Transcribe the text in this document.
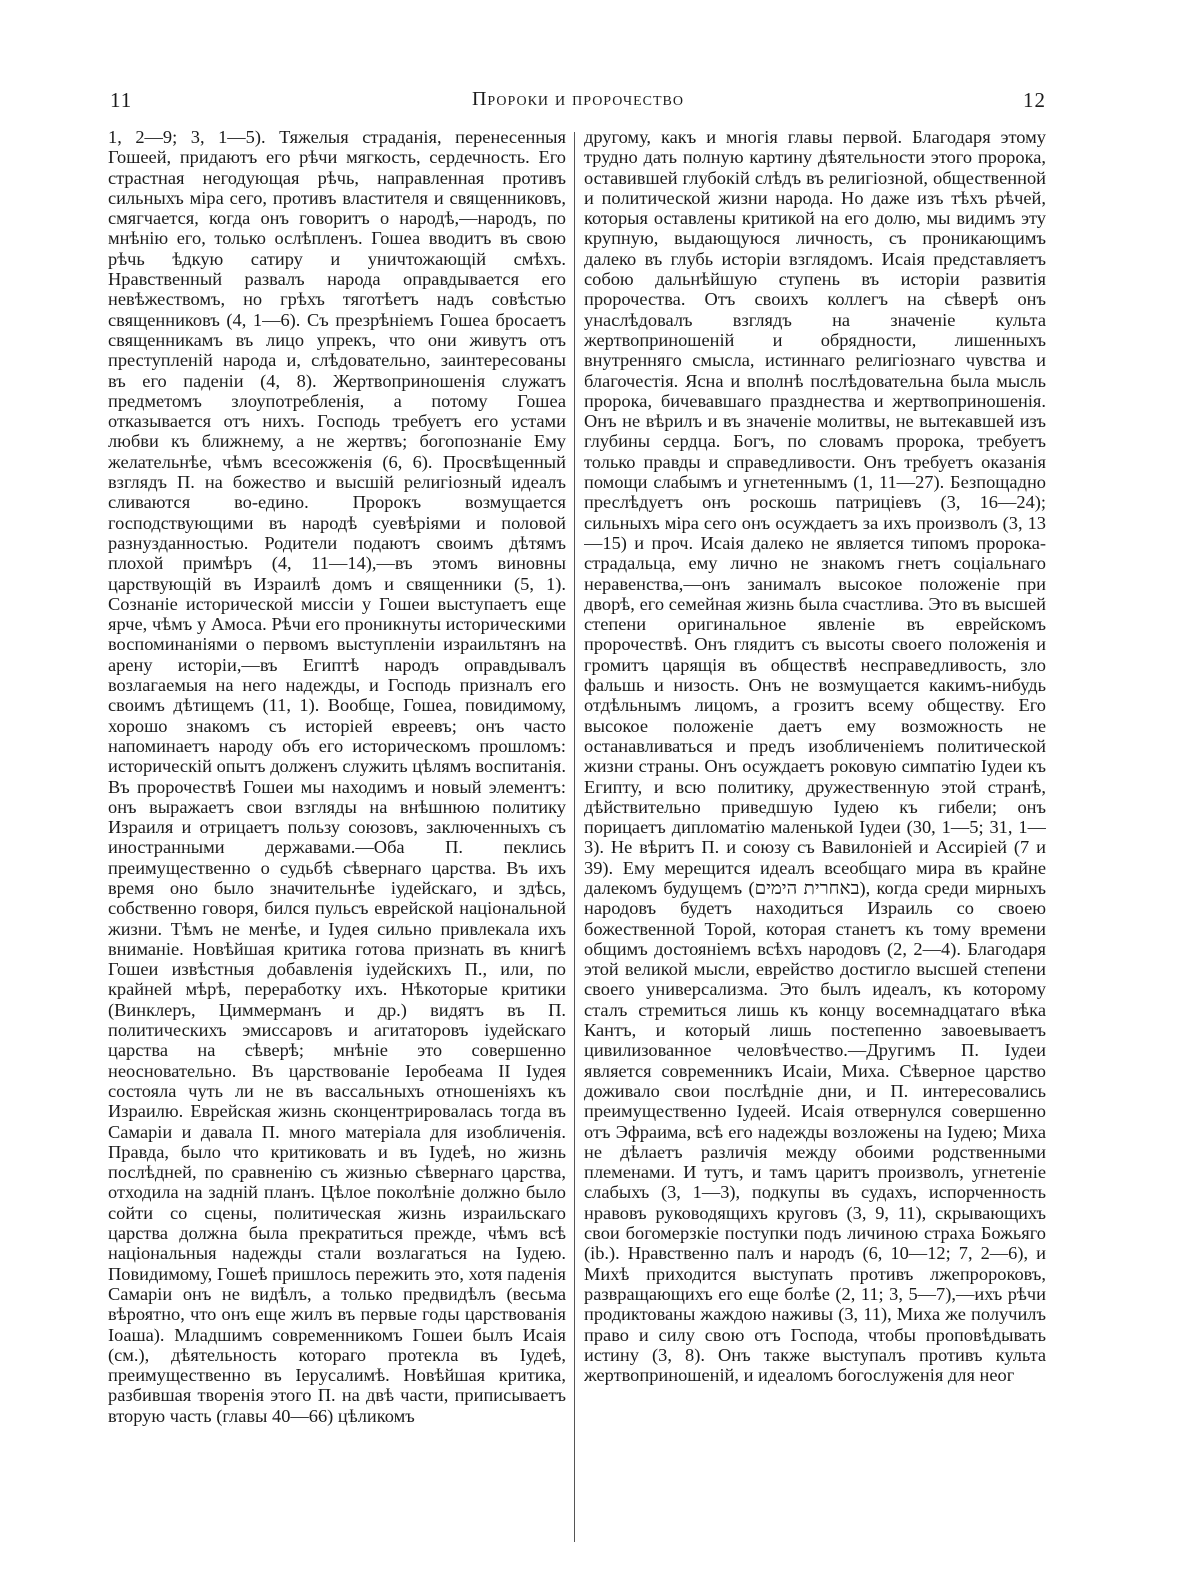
11	Пророки и пророчество	12

1, 2—9; 3, 1—5). Тяжелыя страданія, перенесенныя Гошеей, придаютъ его рѣчи мягкость, сердечность. Его страстная негодующая рѣчь, направленная противъ сильныхъ міра сего, противъ властителя и священниковъ, смягчается, когда онъ говоритъ о народѣ,—народъ, по мнѣнію его, только ослѣпленъ. Гошеа вводитъ въ свою рѣчь ѣдкую сатиру и уничтожающій смѣхъ. Нравственный развалъ народа оправдывается его невѣжествомъ, но грѣхъ тяготѣетъ надъ совѣстью священниковъ (4, 1—6). Съ презрѣніемъ Гошеа бросаетъ священникамъ въ лицо упрекъ, что они живутъ отъ преступленій народа и, слѣдовательно, заинтересованы въ его паденіи (4, 8). Жертвоприношенія служатъ предметомъ злоупотребленія, а потому Гошеа отказывается отъ нихъ. Господь требуетъ его устами любви къ ближнему, а не жертвъ; богопознаніе Ему желательнѣе, чѣмъ всесожженія (6, 6). Просвѣщенный взглядъ П. на божество и высшій религіозный идеалъ сливаются во-едино. Пророкъ возмущается господствующими въ народѣ суевѣріями и половой разнузданностью. Родители подаютъ своимъ дѣтямъ плохой примѣръ (4, 11—14),—въ этомъ виновны царствующій въ Израилѣ домъ и священники (5, 1). Сознаніе исторической миссіи у Гошеи выступаетъ еще ярче, чѣмъ у Амоса. Рѣчи его проникнуты историческими воспоминаніями о первомъ выступленіи израильтянъ на арену исторіи,—въ Египтѣ народъ оправдывалъ возлагаемыя на него надежды, и Господь призналъ его своимъ дѣтищемъ (11, 1). Вообще, Гошеа, повидимому, хорошо знакомъ съ исторіей евреевъ; онъ часто напоминаетъ народу объ его историческомъ прошломъ: историческій опытъ долженъ служить цѣлямъ воспитанія. Въ пророчествѣ Гошеи мы находимъ и новый элементъ: онъ выражаетъ свои взгляды на внѣшнюю политику Израиля и отрицаетъ пользу союзовъ, заключенныхъ съ иностранными державами.—Оба П. пеклись преимущественно о судьбѣ сѣвернаго царства. Въ ихъ время оно было значительнѣе іудейскаго, и здѣсь, собственно говоря, бился пульсъ еврейской національной жизни. Тѣмъ не менѣе, и Іудея сильно привлекала ихъ вниманіе. Новѣйшая критика готова признать въ книгѣ Гошеи извѣстныя добавленія іудейскихъ П., или, по крайней мѣрѣ, переработку ихъ. Нѣкоторые критики (Винклеръ, Циммерманъ и др.) видятъ въ П. политическихъ эмиссаровъ и агитаторовъ іудейскаго царства на сѣверѣ; мнѣніе это совершенно неосновательно. Въ царствованіе Іеробеама II Іудея состояла чуть ли не въ вассальныхъ отношеніяхъ къ Израилю. Еврейская жизнь сконцентрировалась тогда въ Самаріи и давала П. много матеріала для изобличенія. Правда, было что критиковать и въ Іудеѣ, но жизнь послѣдней, по сравненію съ жизнью сѣвернаго царства, отходила на задній планъ. Цѣлое поколѣніе должно было сойти со сцены, политическая жизнь израильскаго царства должна была прекратиться прежде, чѣмъ всѣ національныя надежды стали возлагаться на Іудею. Повидимому, Гошеѣ пришлось пережить это, хотя паденія Самаріи онъ не видѣлъ, а только предвидѣлъ (весьма вѣроятно, что онъ еще жилъ въ первые годы царствованія Іоаша). Младшимъ современникомъ Гошеи былъ Исаія (см.), дѣятельность котораго протекла въ Іудеѣ, преимущественно въ Іерусалимѣ. Новѣйшая критика, разбившая творенія этого П. на двѣ части, приписываетъ вторую часть (главы 40—66) цѣликомъ

другому, какъ и многія главы первой. Благодаря этому трудно дать полную картину дѣятельности этого пророка, оставившей глубокій слѣдъ въ религіозной, общественной и политической жизни народа. Но даже изъ тѣхъ рѣчей, которыя оставлены критикой на его долю, мы видимъ эту крупную, выдающуюся личность, съ проникающимъ далеко въ глубь исторіи взглядомъ. Исаія представляетъ собою дальнѣйшую ступень въ исторіи развитія пророчества. Отъ своихъ коллегъ на сѣверѣ онъ унаслѣдовалъ взглядъ на значеніе культа жертвоприношеній и обрядности, лишенныхъ внутренняго смысла, истиннаго религіознаго чувства и благочестія. Ясна и вполнѣ послѣдовательна была мысль пророка, бичевавшаго празднества и жертвоприношенія. Онъ не вѣрилъ и въ значеніе молитвы, не вытекавшей изъ глубины сердца. Богъ, по словамъ пророка, требуетъ только правды и справедливости. Онъ требуетъ оказанія помощи слабымъ и угнетеннымъ (1, 11—27). Безпощадно преслѣдуетъ онъ роскошь патриціевъ (3, 16—24); сильныхъ міра сего онъ осуждаетъ за ихъ произволъ (3, 13—15) и проч. Исаія далеко не является типомъ пророка-страдальца, ему лично не знакомъ гнетъ соціальнаго неравенства,—онъ занималъ высокое положеніе при дворѣ, его семейная жизнь была счастлива. Это въ высшей степени оригинальное явленіе въ еврейскомъ пророчествѣ. Онъ глядитъ съ высоты своего положенія и громитъ царящія въ обществѣ несправедливость, зло фальшь и низость. Онъ не возмущается какимъ-нибудь отдѣльнымъ лицомъ, а грозитъ всему обществу. Его высокое положеніе даетъ ему возможность не останавливаться и предъ изобличеніемъ политической жизни страны. Онъ осуждаетъ роковую симпатію Іудеи къ Египту, и всю политику, дружественную этой странѣ, дѣйствительно приведшую Іудею къ гибели; онъ порицаетъ дипломатію маленькой Іудеи (30, 1—5; 31, 1—3). Не вѣритъ П. и союзу съ Вавилоніей и Ассиріей (7 и 39). Ему мерещится идеалъ всеобщаго мира въ крайне далекомъ будущемъ (באחרית הימים), когда среди мирныхъ народовъ будетъ находиться Израиль со своею божественной Торой, которая станетъ къ тому времени общимъ достояніемъ всѣхъ народовъ (2, 2—4). Благодаря этой великой мысли, еврейство достигло высшей степени своего универсализма. Это былъ идеалъ, къ которому сталъ стремиться лишь къ концу восемнадцатаго вѣка Кантъ, и который лишь постепенно завоевываетъ цивилизованное человѣчество.—Другимъ П. Іудеи является современникъ Исаіи, Миха. Сѣверное царство доживало свои послѣдніе дни, и П. интересовались преимущественно Іудеей. Исаія отвернулся совершенно отъ Эфраима, всѣ его надежды возложены на Іудею; Миха не дѣлаетъ различія между обоими родственными племенами. И тутъ, и тамъ царитъ произволъ, угнетеніе слабыхъ (3, 1—3), подкупы въ судахъ, испорченность нравовъ руководящихъ круговъ (3, 9, 11), скрывающихъ свои богомерзкіе поступки подъ личиною страха Божьяго (ib.). Нравственно палъ и народъ (6, 10—12; 7, 2—6), и Михѣ приходится выступать противъ лжепророковъ, развращающихъ его еще болѣе (2, 11; 3, 5—7),—ихъ рѣчи продиктованы жаждою наживы (3, 11), Миха же получилъ право и силу свою отъ Господа, чтобы проповѣдывать истину (3, 8). Онъ также выступалъ противъ культа жертвоприношеній, и идеаломъ богослуженія для неог
